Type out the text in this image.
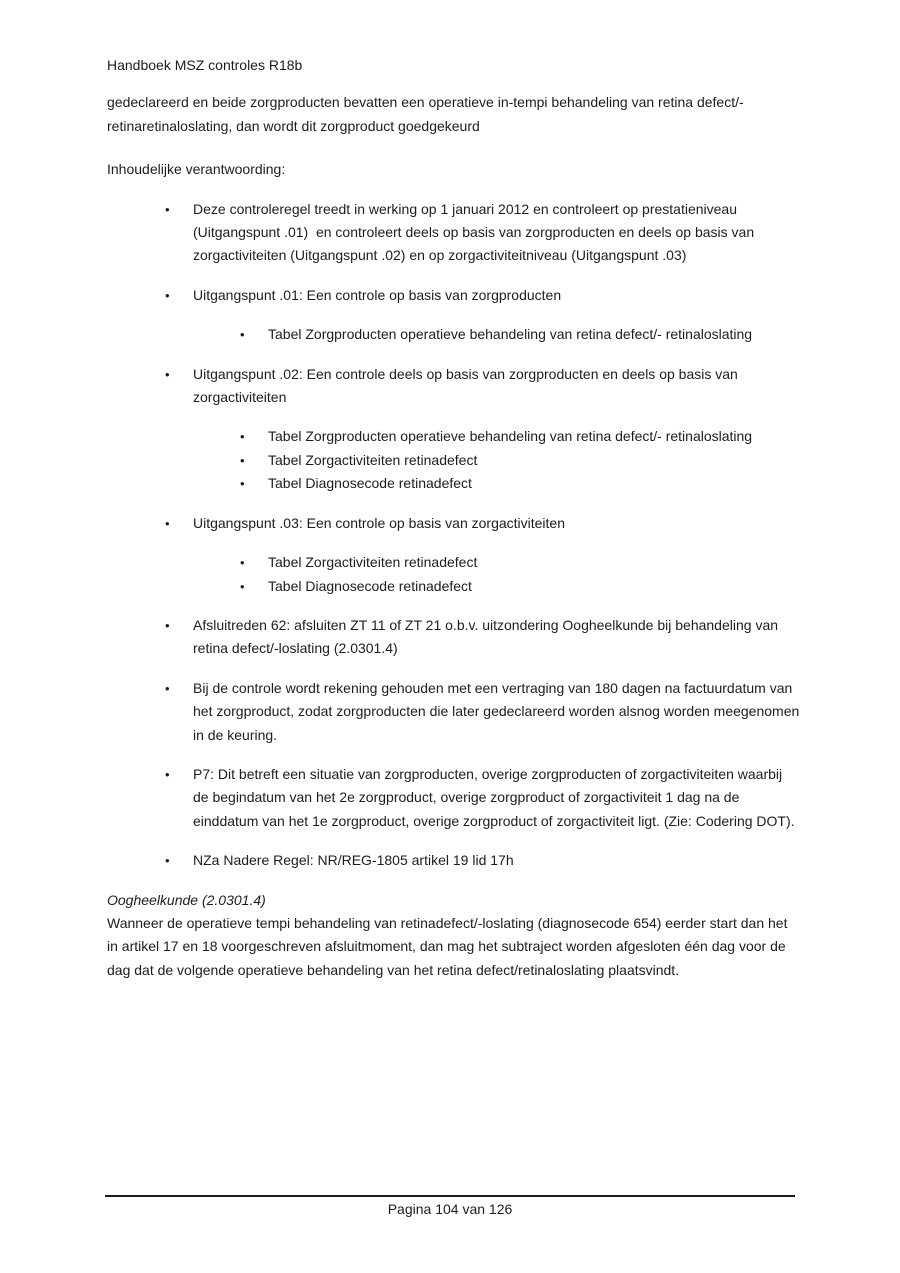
Handboek MSZ controles R18b
gedeclareerd en beide zorgproducten bevatten een operatieve in-tempi behandeling van retina defect/- retinaretinaloslating, dan wordt dit zorgproduct goedgekeurd
Inhoudelijke verantwoording:
• Deze controleregel treedt in werking op 1 januari 2012 en controleert op prestatieniveau (Uitgangspunt .01)  en controleert deels op basis van zorgproducten en deels op basis van zorgactiviteiten (Uitgangspunt .02) en op zorgactiviteitniveau (Uitgangspunt .03)
• Uitgangspunt .01: Een controle op basis van zorgproducten
• Tabel Zorgproducten operatieve behandeling van retina defect/- retinaloslating
• Uitgangspunt .02: Een controle deels op basis van zorgproducten en deels op basis van zorgactiviteiten
• Tabel Zorgproducten operatieve behandeling van retina defect/- retinaloslating
• Tabel Zorgactiviteiten retinadefect
• Tabel Diagnosecode retinadefect
• Uitgangspunt .03: Een controle op basis van zorgactiviteiten
• Tabel Zorgactiviteiten retinadefect
• Tabel Diagnosecode retinadefect
• Afsluitreden 62: afsluiten ZT 11 of ZT 21 o.b.v. uitzondering Oogheelkunde bij behandeling van retina defect/-loslating (2.0301.4)
• Bij de controle wordt rekening gehouden met een vertraging van 180 dagen na factuurdatum van het zorgproduct, zodat zorgproducten die later gedeclareerd worden alsnog worden meegenomen in de keuring.
• P7: Dit betreft een situatie van zorgproducten, overige zorgproducten of zorgactiviteiten waarbij de begindatum van het 2e zorgproduct, overige zorgproduct of zorgactiviteit 1 dag na de einddatum van het 1e zorgproduct, overige zorgproduct of zorgactiviteit ligt. (Zie: Codering DOT).
• NZa Nadere Regel: NR/REG-1805 artikel 19 lid 17h
Oogheelkunde (2.0301.4)
Wanneer de operatieve tempi behandeling van retinadefect/-loslating (diagnosecode 654) eerder start dan het in artikel 17 en 18 voorgeschreven afsluitmoment, dan mag het subtraject worden afgesloten één dag voor de dag dat de volgende operatieve behandeling van het retina defect/retinaloslating plaatsvindt.
Pagina 104 van 126
